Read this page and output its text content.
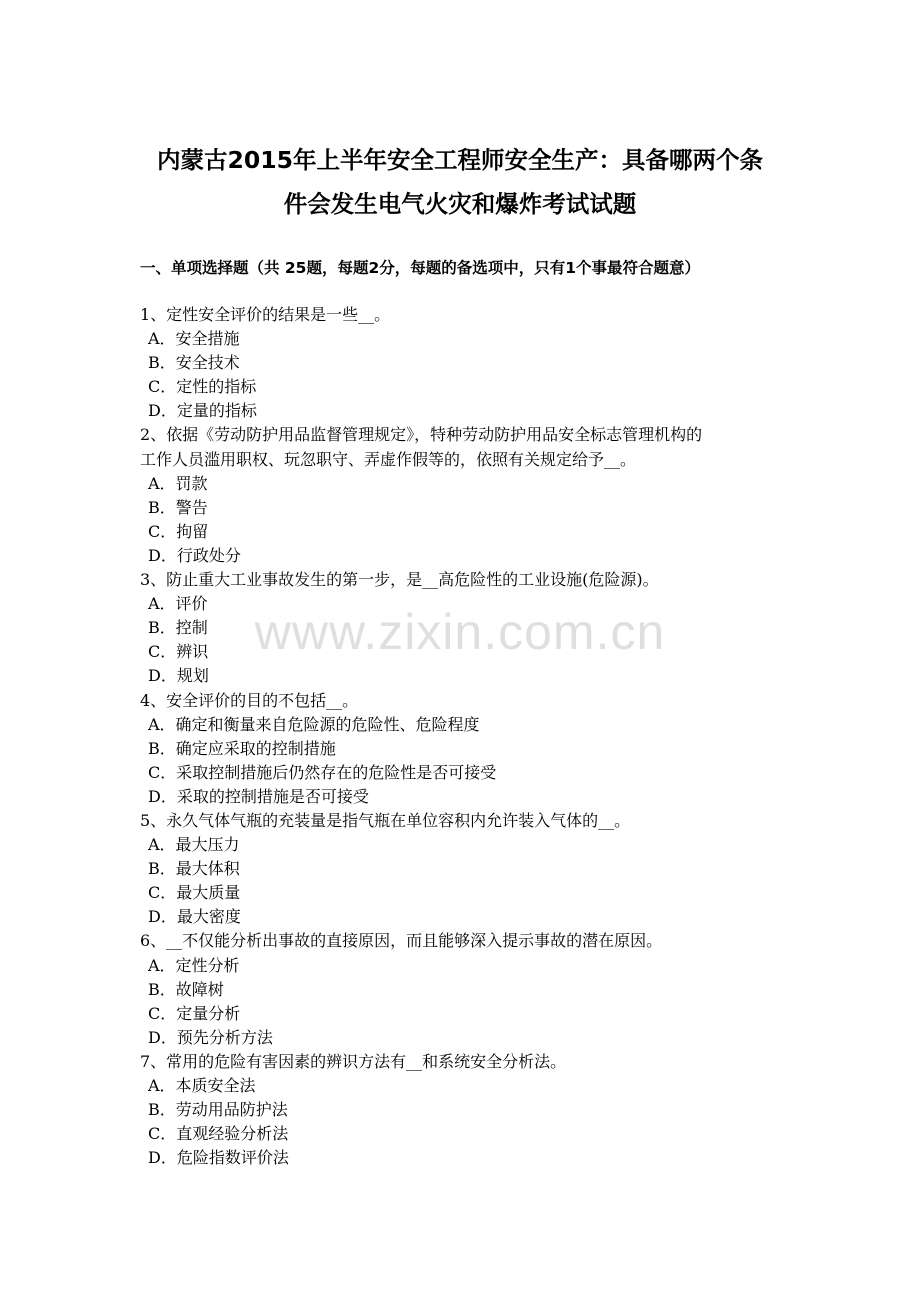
内蒙古2015年上半年安全工程师安全生产：具备哪两个条
件会发生电气火灾和爆炸考试试题

一、单项选择题（共 25题，每题2分，每题的备选项中，只有1个事最符合题意）

1、定性安全评价的结果是一些__。
A．安全措施
B．安全技术
C．定性的指标
D．定量的指标
2、依据《劳动防护用品监督管理规定》，特种劳动防护用品安全标志管理机构的
工作人员滥用职权、玩忽职守、弄虚作假等的，依照有关规定给予__。
A．罚款
B．警告
C．拘留
D．行政处分
3、防止重大工业事故发生的第一步，是__高危险性的工业设施(危险源)。
A．评价
B．控制
C．辨识
D．规划
4、安全评价的目的不包括__。
A．确定和衡量来自危险源的危险性、危险程度
B．确定应采取的控制措施
C．采取控制措施后仍然存在的危险性是否可接受
D．采取的控制措施是否可接受
5、永久气体气瓶的充装量是指气瓶在单位容积内允许装入气体的__。
A．最大压力
B．最大体积
C．最大质量
D．最大密度
6、__不仅能分析出事故的直接原因，而且能够深入提示事故的潜在原因。
A．定性分析
B．故障树
C．定量分析
D．预先分析方法
7、常用的危险有害因素的辨识方法有__和系统安全分析法。
A．本质安全法
B．劳动用品防护法
C．直观经验分析法
D．危险指数评价法
www.zixin.com.cn
